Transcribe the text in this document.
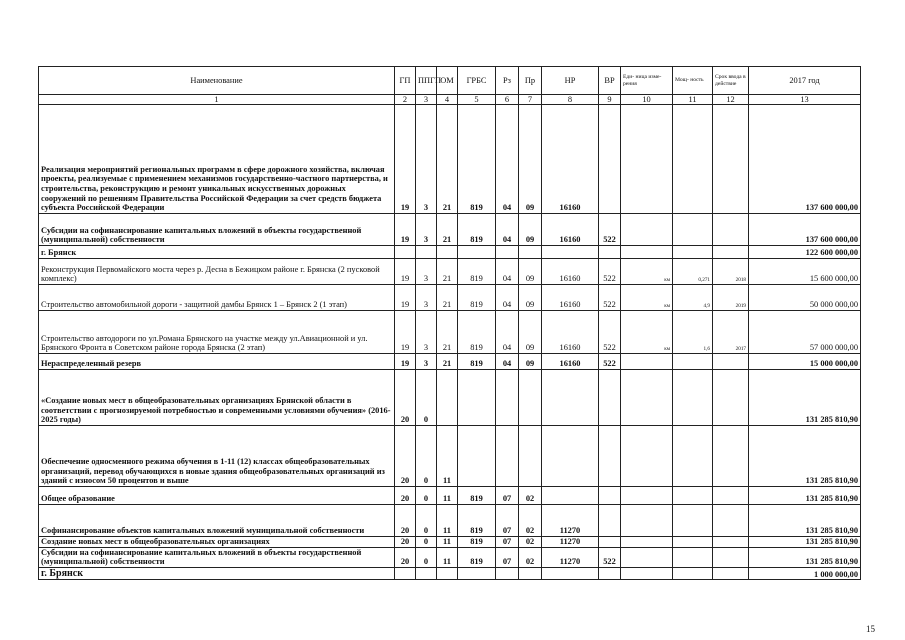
Наименование	ГП	ППГП	ОМ	ГРБС	Рз	Пр	НР	ВР	Еди- ница изме- рения	Мощ- ность	Срок ввода в действие	2017 год
1	2	3	4	5	6	7	8	9	10	11	12	13
Реализация мероприятий региональных программ в сфере дорожного хозяйства, включая проекты, реализуемые с применением механизмов государственно-частного партнерства, и строительства, реконструкцию и ремонт уникальных искусственных дорожных сооружений по решениям Правительства Российской Федерации за счет средств бюджета субъекта Российской Федерации	19	3	21	819	04	09	16160					137 600 000,00
Субсидии на софинансирование капитальных вложений в объекты государственной (муниципальной) собственности	19	3	21	819	04	09	16160	522				137 600 000,00
г. Брянск												122 600 000,00
Реконструкция Первомайского моста через р. Десна в Бежицком районе г. Брянска (2 пусковой комплекс)	19	3	21	819	04	09	16160	522	км	0,271	2018	15 600 000,00
Строительство автомобильной дороги - защитной дамбы Брянск 1 – Брянск 2 (1 этап)	19	3	21	819	04	09	16160	522	км	4,9	2019	50 000 000,00
Строительство автодороги по ул.Романа Брянского на участке между ул.Авиационной и ул. Брянского Фронта в Советском районе города Брянска (2 этап)	19	3	21	819	04	09	16160	522	км	1,6	2017	57 000 000,00
Нераспределенный резерв	19	3	21	819	04	09	16160	522				15 000 000,00
«Создание новых мест в общеобразовательных организациях Брянской области в соответствии с прогнозируемой потребностью и современными условиями обучения» (2016-2025 годы)	20	0										131 285 810,90
Обеспечение односменного режима обучения в 1-11 (12) классах общеобразовательных организаций, перевод обучающихся в новые здания общеобразовательных организаций из зданий с износом 50 процентов и выше	20	0	11									131 285 810,90
Общее образование	20	0	11	819	07	02						131 285 810,90
Софинансирование объектов капитальных вложений муниципальной собственности	20	0	11	819	07	02	11270					131 285 810,90
Создание новых мест в общеобразовательных организациях	20	0	11	819	07	02	11270					131 285 810,90
Субсидии на софинансирование капитальных вложений в объекты государственной (муниципальной) собственности	20	0	11	819	07	02	11270	522				131 285 810,90
г. Брянск												1 000 000,00
15
